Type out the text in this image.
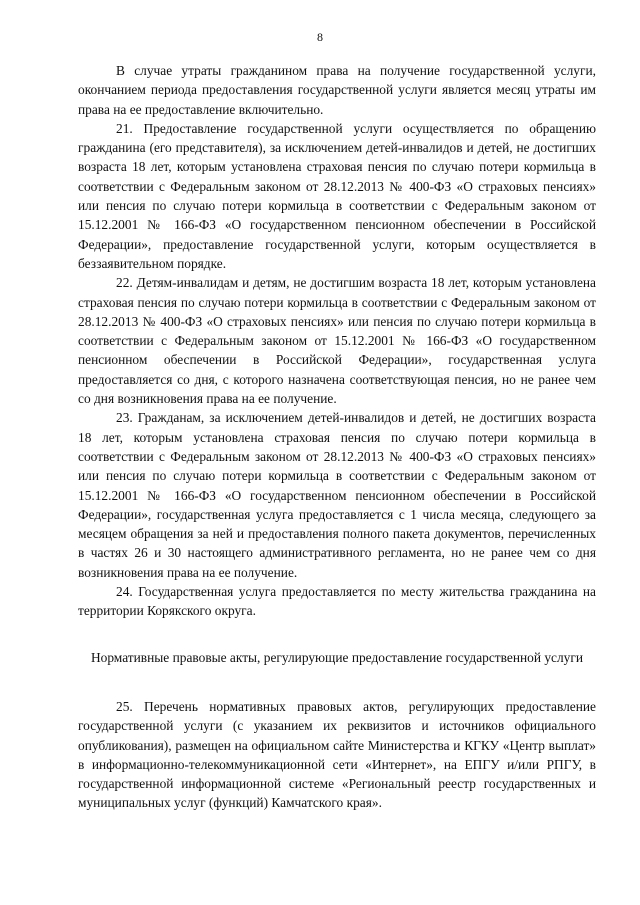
8

В случае утраты гражданином права на получение государственной услуги, окончанием периода предоставления государственной услуги является месяц утраты им права на ее предоставление включительно.

21. Предоставление государственной услуги осуществляется по обращению гражданина (его представителя), за исключением детей-инвалидов и детей, не достигших возраста 18 лет, которым установлена страховая пенсия по случаю потери кормильца в соответствии с Федеральным законом от 28.12.2013 № 400-ФЗ «О страховых пенсиях» или пенсия по случаю потери кормильца в соответствии с Федеральным законом от 15.12.2001 № 166-ФЗ «О государственном пенсионном обеспечении в Российской Федерации», предоставление государственной услуги, которым осуществляется в беззаявительном порядке.

22. Детям-инвалидам и детям, не достигшим возраста 18 лет, которым установлена страховая пенсия по случаю потери кормильца в соответствии с Федеральным законом от 28.12.2013 № 400-ФЗ «О страховых пенсиях» или пенсия по случаю потери кормильца в соответствии с Федеральным законом от 15.12.2001 № 166-ФЗ «О государственном пенсионном обеспечении в Российской Федерации», государственная услуга предоставляется со дня, с которого назначена соответствующая пенсия, но не ранее чем со дня возникновения права на ее получение.

23. Гражданам, за исключением детей-инвалидов и детей, не достигших возраста 18 лет, которым установлена страховая пенсия по случаю потери кормильца в соответствии с Федеральным законом от 28.12.2013 № 400-ФЗ «О страховых пенсиях» или пенсия по случаю потери кормильца в соответствии с Федеральным законом от 15.12.2001 № 166-ФЗ «О государственном пенсионном обеспечении в Российской Федерации», государственная услуга предоставляется с 1 числа месяца, следующего за месяцем обращения за ней и предоставления полного пакета документов, перечисленных в частях 26 и 30 настоящего административного регламента, но не ранее чем со дня возникновения права на ее получение.

24. Государственная услуга предоставляется по месту жительства гражданина на территории Корякского округа.

Нормативные правовые акты, регулирующие предоставление государственной услуги

25. Перечень нормативных правовых актов, регулирующих предоставление государственной услуги (с указанием их реквизитов и источников официального опубликования), размещен на официальном сайте Министерства и КГКУ «Центр выплат» в информационно-телекоммуникационной сети «Интернет», на ЕПГУ и/или РПГУ, в государственной информационной системе «Региональный реестр государственных и муниципальных услуг (функций) Камчатского края».
